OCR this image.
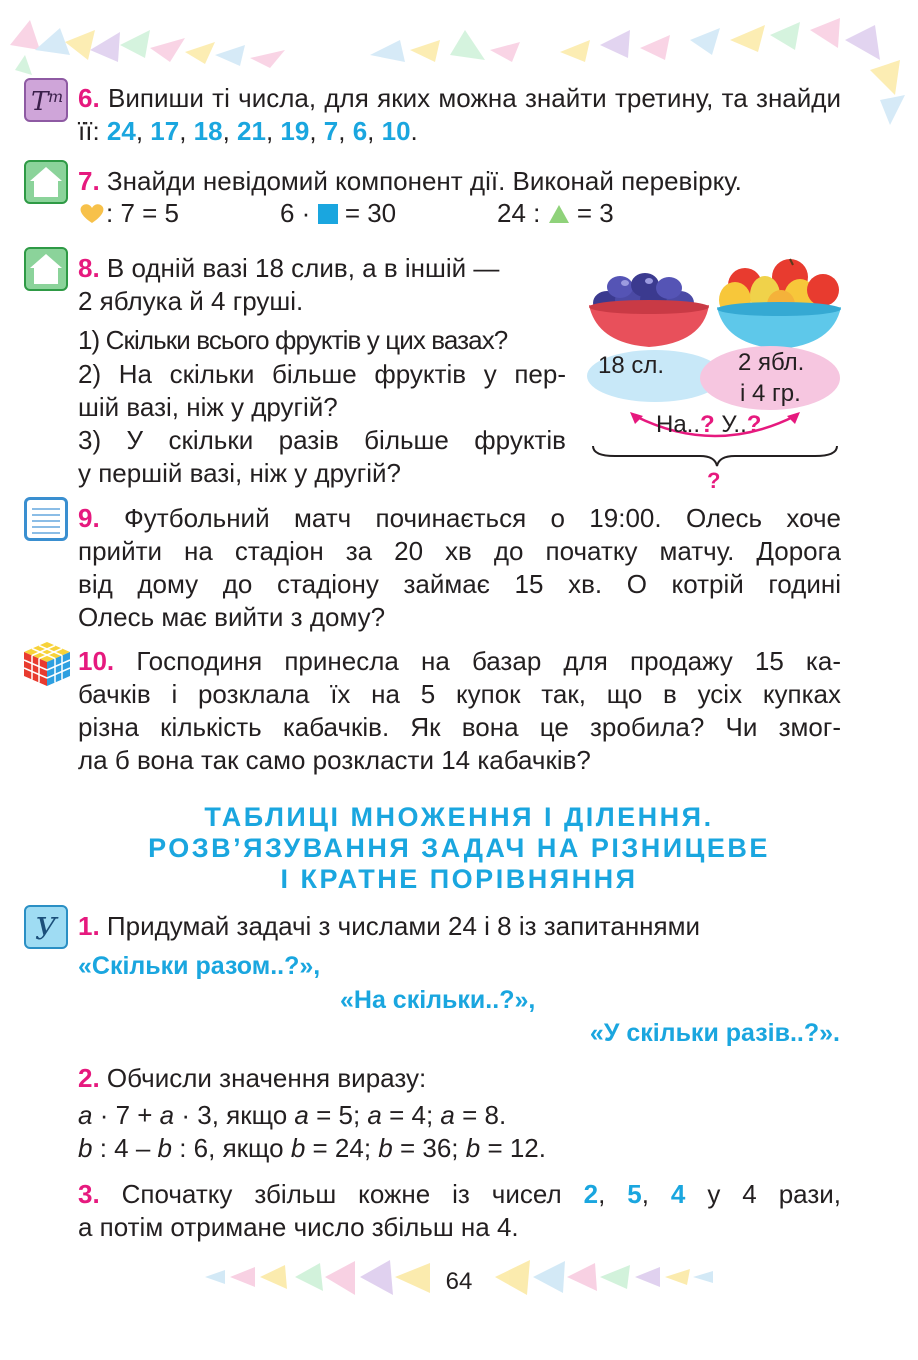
Т т 6. Випиши ті числа, для яких можна знайти третину, та знайди її: 24, 17, 18, 21, 19, 7, 6, 10.
7. Знайди невідомий компонент дії. Виконай перевірку.
: 7 = 5	6 · = 30	24 : = 3
8. В одній вазі 18 слив, а в іншій —
2 яблука й 4 груші.
1) Скільки всього фруктів у цих вазах?
2) На скільки більше фруктів у пер-
шій вазі, ніж у другій?
3) У скільки разів більше фруктів
у першій вазі, ніж у другій?
18 сл.	2 ябл.
і 4 гр.
На..? У..?
?
9. Футбольний матч починається о 19:00. Олесь хоче
прийти на стадіон за 20 хв до початку матчу. Дорога
від дому до стадіону займає 15 хв. О котрій годині
Олесь має вийти з дому?
10. Господиня принесла на базар для продажу 15 ка-
бачків і розклала їх на 5 купок так, що в усіх купках
різна кількість кабачків. Як вона це зробила? Чи змог-
ла б вона так само розкласти 14 кабачків?
ТАБЛИЦІ МНОЖЕННЯ І ДІЛЕННЯ.
РОЗВ’ЯЗУВАННЯ ЗАДАЧ НА РІЗНИЦЕВЕ
І КРАТНЕ ПОРІВНЯННЯ
У 1. Придумай задачі з числами 24 і 8 із запитаннями
«Скільки разом..?»,
«На скільки..?»,
«У скільки разів..?».
2. Обчисли значення виразу:
a · 7 + a · 3, якщо a = 5; a = 4; a = 8.
b : 4 – b : 6, якщо b = 24; b = 36; b = 12.
3. Спочатку збільш кожне із чисел 2, 5, 4 у 4 рази,
а потім отримане число збільш на 4.
64
